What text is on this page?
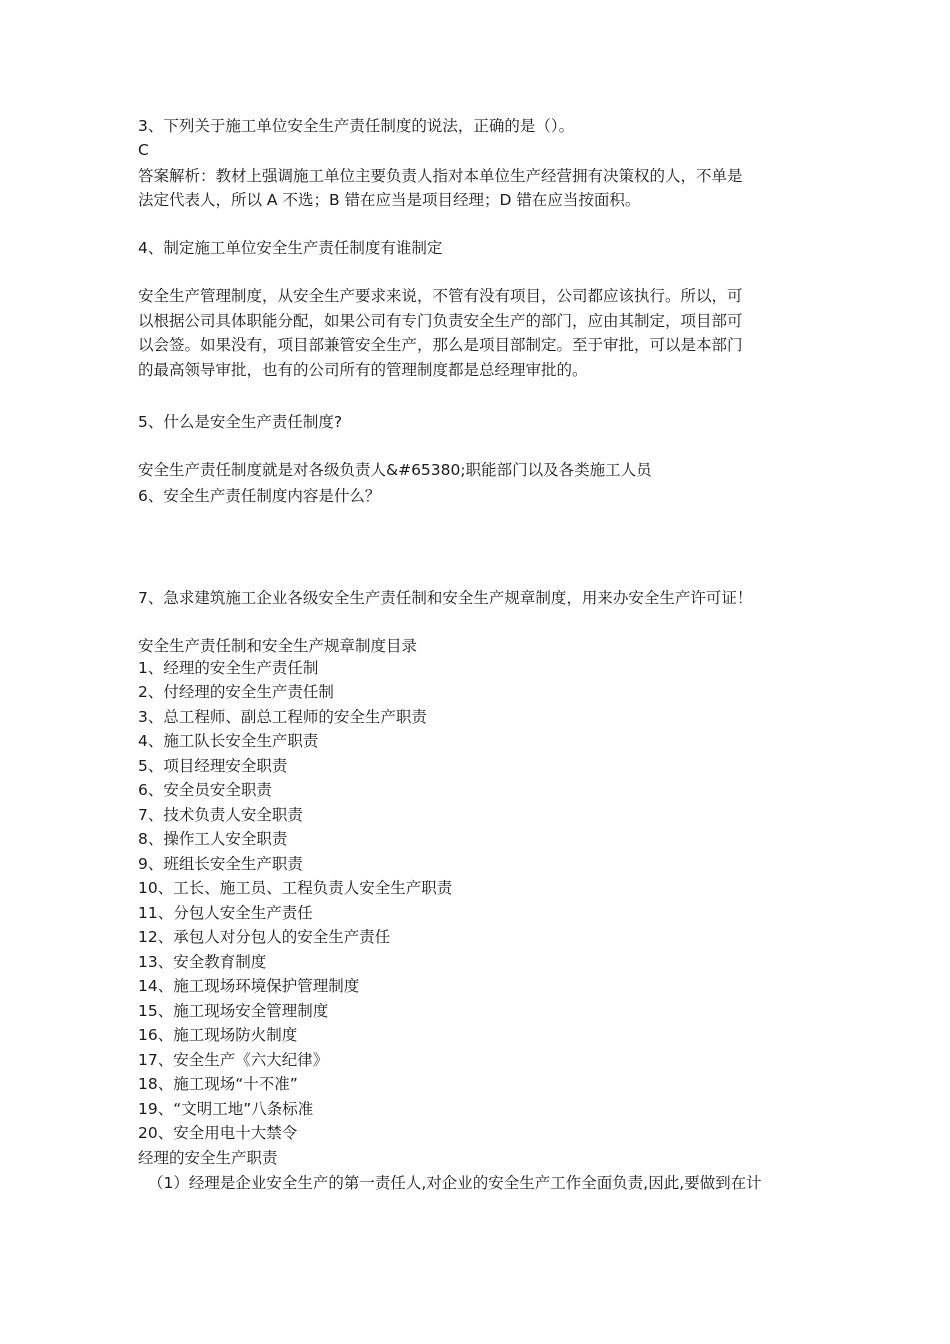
3、下列关于施工单位安全生产责任制度的说法，正确的是（）。
C
答案解析：教材上强调施工单位主要负责人指对本单位生产经营拥有决策权的人，不单是
法定代表人，所以 A 不选；B 错在应当是项目经理；D 错在应当按面积。
4、制定施工单位安全生产责任制度有谁制定
安全生产管理制度，从安全生产要求来说，不管有没有项目，公司都应该执行。所以，可
以根据公司具体职能分配，如果公司有专门负责安全生产的部门，应由其制定，项目部可
以会签。如果没有，项目部兼管安全生产，那么是项目部制定。至于审批，可以是本部门
的最高领导审批，也有的公司所有的管理制度都是总经理审批的。
5、什么是安全生产责任制度?
安全生产责任制度就是对各级负责人&#65380;职能部门以及各类施工人员
6、安全生产责任制度内容是什么？
7、急求建筑施工企业各级安全生产责任制和安全生产规章制度，用来办安全生产许可证！
安全生产责任制和安全生产规章制度目录
1、经理的安全生产责任制
2、付经理的安全生产责任制
3、总工程师、副总工程师的安全生产职责
4、施工队长安全生产职责
5、项目经理安全职责
6、安全员安全职责
7、技术负责人安全职责
8、操作工人安全职责
9、班组长安全生产职责
10、工长、施工员、工程负责人安全生产职责
11、分包人安全生产责任
12、承包人对分包人的安全生产责任
13、安全教育制度
14、施工现场环境保护管理制度
15、施工现场安全管理制度
16、施工现场防火制度
17、安全生产《六大纪律》
18、施工现场“十不准”
19、“文明工地”八条标准
20、安全用电十大禁令
经理的安全生产职责
（1）经理是企业安全生产的第一责任人,对企业的安全生产工作全面负责,因此,要做到在计
